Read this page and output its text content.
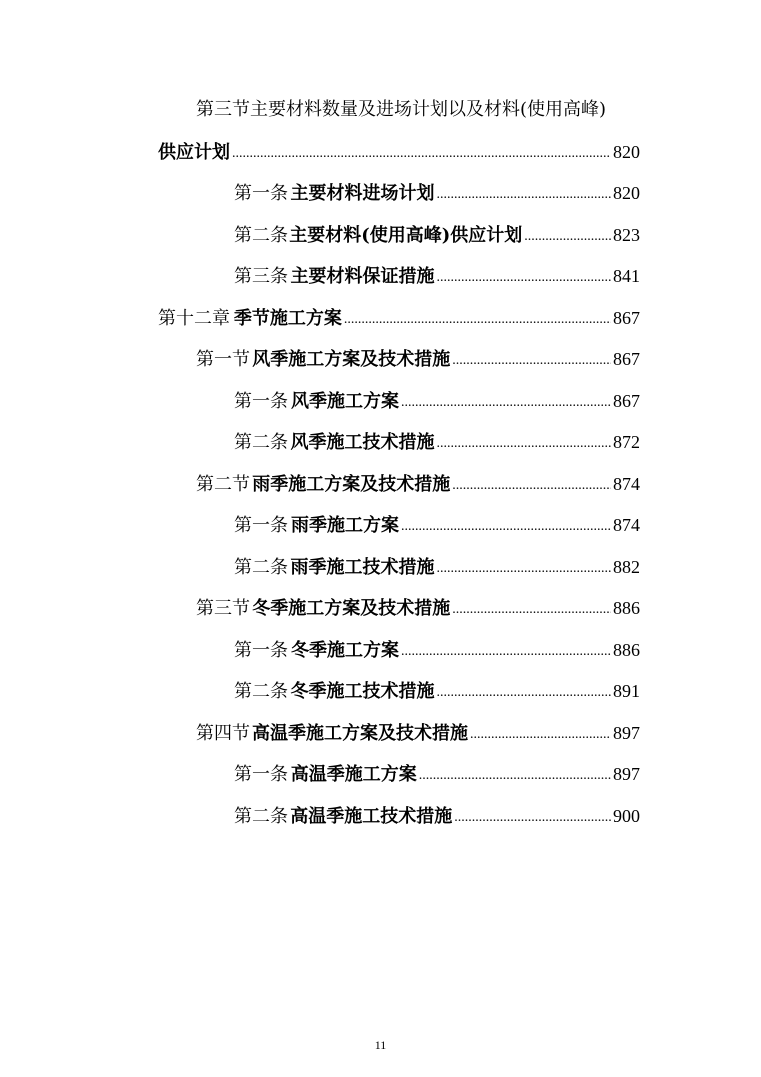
第三节主要材料数量及进场计划以及材料(使用高峰)
供应计划 .....	820
第一条 主要材料进场计划 .....	820
第二条 主要材料(使用高峰)供应计划 .....	823
第三条 主要材料保证措施 .....	841
第十二章 季节施工方案 .....	867
第一节 风季施工方案及技术措施 .....	867
第一条 风季施工方案 .....	867
第二条 风季施工技术措施 .....	872
第二节 雨季施工方案及技术措施 .....	874
第一条 雨季施工方案 .....	874
第二条 雨季施工技术措施 .....	882
第三节 冬季施工方案及技术措施 .....	886
第一条 冬季施工方案 .....	886
第二条 冬季施工技术措施 .....	891
第四节 高温季施工方案及技术措施 .....	897
第一条 高温季施工方案 .....	897
第二条 高温季施工技术措施 .....	900
11
